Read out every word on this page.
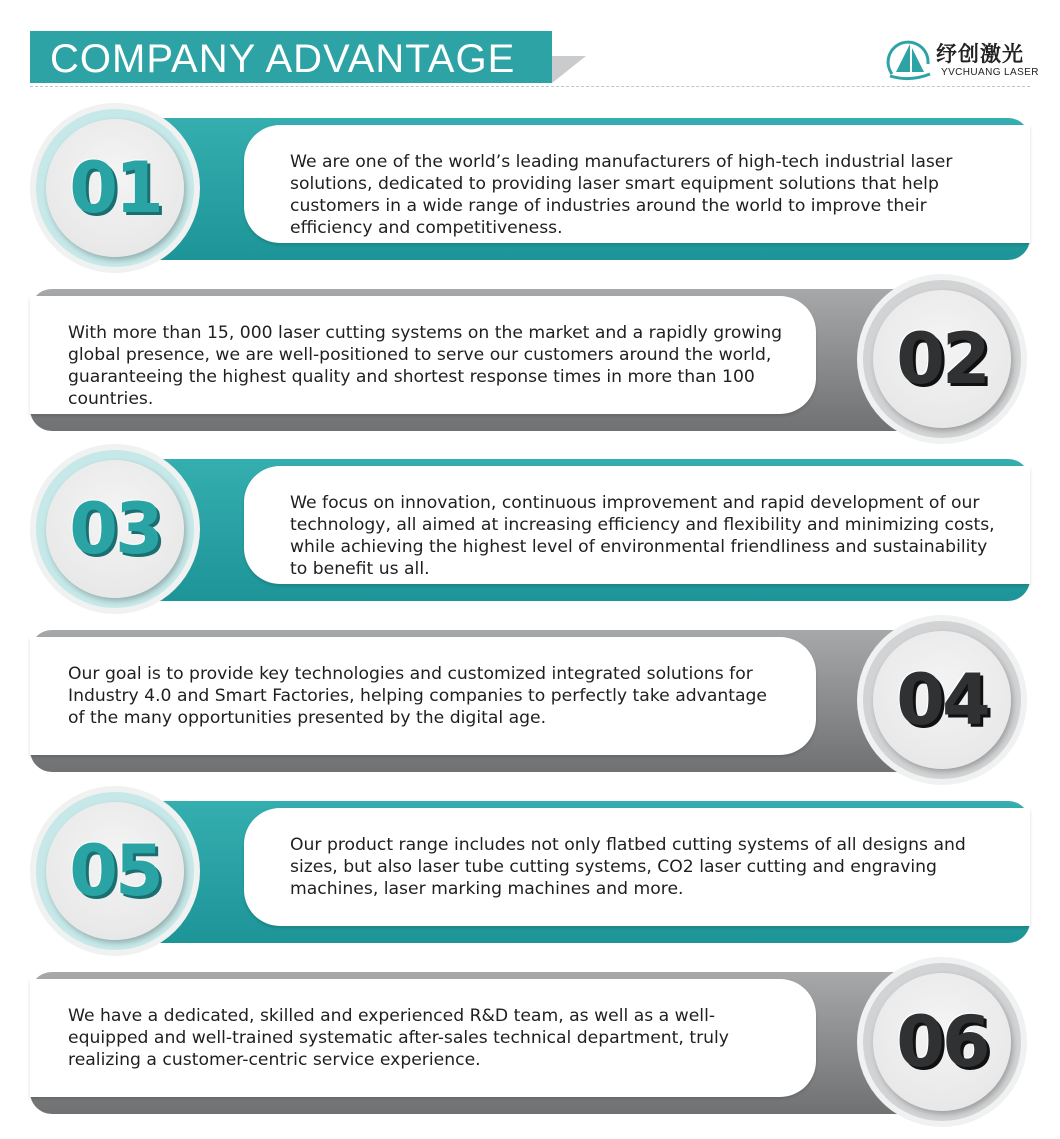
COMPANY ADVANTAGE	纾创激光
YVCHUANG LASER
We are one of the world’s leading manufacturers of high-tech industrial laser solutions, dedicated to providing laser smart equipment solutions that help customers in a wide range of industries around the world to improve their efficiency and competitiveness.
01
With more than 15, 000 laser cutting systems on the market and a rapidly growing global presence, we are well-positioned to serve our customers around the world, guaranteeing the highest quality and shortest response times in more than 100 countries.	02
We focus on innovation, continuous improvement and rapid development of our technology, all aimed at increasing efficiency and flexibility and minimizing costs, while achieving the highest level of environmental friendliness and sustainability to benefit us all.
03
Our goal is to provide key technologies and customized integrated solutions for Industry 4.0 and Smart Factories, helping companies to perfectly take advantage of the many opportunities presented by the digital age.	04
Our product range includes not only flatbed cutting systems of all designs and sizes, but also laser tube cutting systems, CO2 laser cutting and engraving machines, laser marking machines and more.
05
We have a dedicated, skilled and experienced R&D team, as well as a well-equipped and well-trained systematic after-sales technical department, truly realizing a customer-centric service experience.	06
